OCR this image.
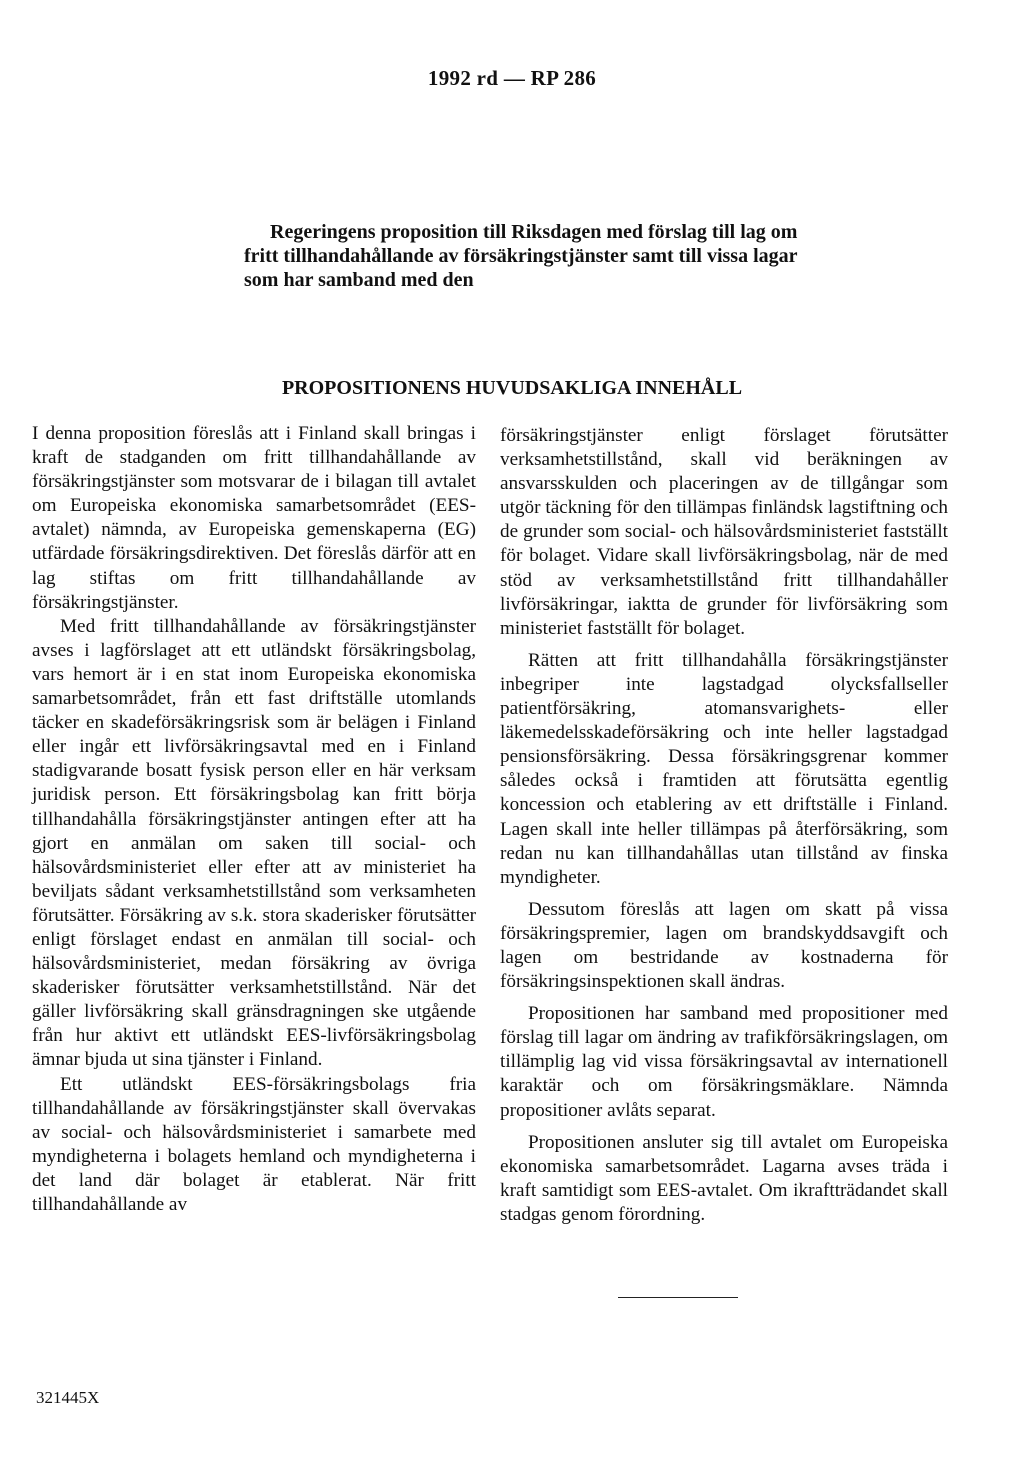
1992 rd — RP 286
Regeringens proposition till Riksdagen med förslag till lag om
fritt tillhandahållande av försäkringstjänster samt till vissa lagar
som har samband med den
PROPOSITIONENS HUVUDSAKLIGA INNEHÅLL

I denna proposition föreslås att i Finland skall bringas i kraft de stadganden om fritt tillhandahållande av försäkringstjänster som motsvarar de i bilagan till avtalet om Europeiska ekonomiska samarbetsområdet (EES-avtalet) nämnda, av Europeiska gemenskaperna (EG) utfärdade försäkringsdirektiven. Det föreslås därför att en lag stiftas om fritt tillhandahållande av försäkringstjänster.

Med fritt tillhandahållande av försäkringstjänster avses i lagförslaget att ett utländskt försäkringsbolag, vars hemort är i en stat inom Europeiska ekonomiska samarbetsområdet, från ett fast driftställe utomlands täcker en skadeförsäkringsrisk som är belägen i Finland eller ingår ett livförsäkringsavtal med en i Finland stadigvarande bosatt fysisk person eller en här verksam juridisk person. Ett försäkringsbolag kan fritt börja tillhandahålla försäkringstjänster antingen efter att ha gjort en anmälan om saken till social- och hälsovårdsministeriet eller efter att av ministeriet ha beviljats sådant verksamhetstillstånd som verksamheten förutsätter. Försäkring av s.k. stora skaderisker förutsätter enligt förslaget endast en anmälan till social- och hälsovårdsministeriet, medan försäkring av övriga skaderisker förutsätter verksamhetstillstånd. När det gäller livförsäkring skall gränsdragningen ske utgående från hur aktivt ett utländskt EES-livförsäkringsbolag ämnar bjuda ut sina tjänster i Finland.

Ett utländskt EES-försäkringsbolags fria tillhandahållande av försäkringstjänster skall övervakas av social- och hälsovårdsministeriet i samarbete med myndigheterna i bolagets hemland och myndigheterna i det land där bolaget är etablerat. När fritt tillhandahållande av

försäkringstjänster enligt förslaget förutsätter verksamhetstillstånd, skall vid beräkningen av ansvarsskulden och placeringen av de tillgångar som utgör täckning för den tillämpas finländsk lagstiftning och de grunder som social- och hälsovårdsministeriet fastställt för bolaget. Vidare skall livförsäkringsbolag, när de med stöd av verksamhetstillstånd fritt tillhandahåller livförsäkringar, iaktta de grunder för livförsäkring som ministeriet fastställt för bolaget.

Rätten att fritt tillhandahålla försäkringstjänster inbegriper inte lagstadgad olycksfallseller patientförsäkring, atomansvarighets- eller läkemedelsskadeförsäkring och inte heller lagstadgad pensionsförsäkring. Dessa försäkringsgrenar kommer således också i framtiden att förutsätta egentlig koncession och etablering av ett driftställe i Finland. Lagen skall inte heller tillämpas på återförsäkring, som redan nu kan tillhandahållas utan tillstånd av finska myndigheter.

Dessutom föreslås att lagen om skatt på vissa försäkringspremier, lagen om brandskyddsavgift och lagen om bestridande av kostnaderna för försäkringsinspektionen skall ändras.

Propositionen har samband med propositioner med förslag till lagar om ändring av trafikförsäkringslagen, om tillämplig lag vid vissa försäkringsavtal av internationell karaktär och om försäkringsmäklare. Nämnda propositioner avlåts separat.

Propositionen ansluter sig till avtalet om Europeiska ekonomiska samarbetsområdet. Lagarna avses träda i kraft samtidigt som EES-avtalet. Om ikraftträdandet skall stadgas genom förordning.

321445X
